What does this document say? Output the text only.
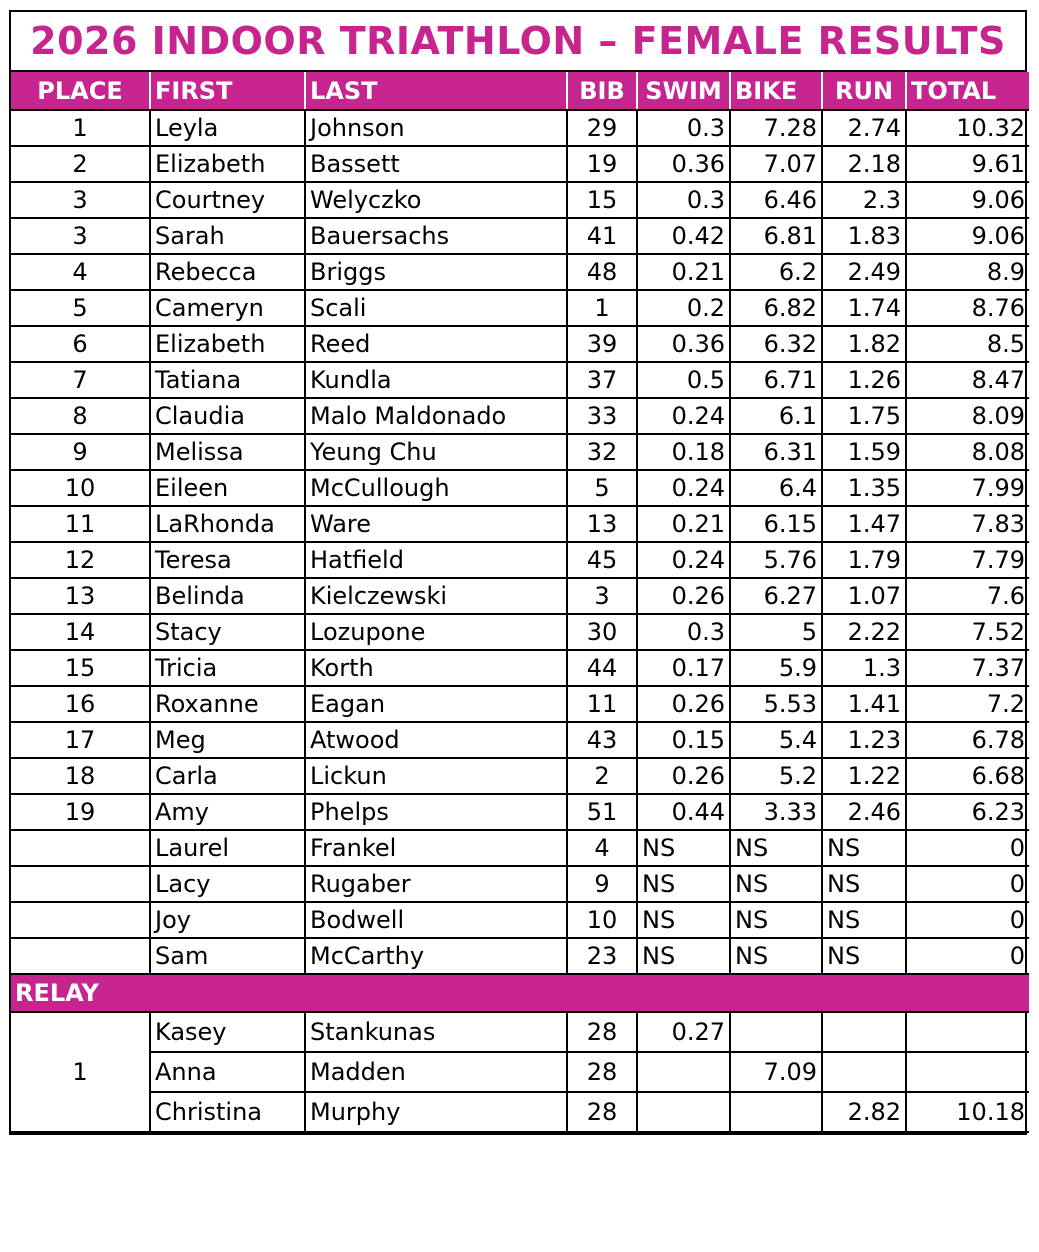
2026 INDOOR TRIATHLON – FEMALE RESULTS
PLACE	FIRST	LAST	BIB	SWIM	BIKE	RUN	TOTAL
1	Leyla	Johnson	29	0.3	7.28	2.74	10.32
2	Elizabeth	Bassett	19	0.36	7.07	2.18	9.61
3	Courtney	Welyczko	15	0.3	6.46	2.3	9.06
3	Sarah	Bauersachs	41	0.42	6.81	1.83	9.06
4	Rebecca	Briggs	48	0.21	6.2	2.49	8.9
5	Cameryn	Scali	1	0.2	6.82	1.74	8.76
6	Elizabeth	Reed	39	0.36	6.32	1.82	8.5
7	Tatiana	Kundla	37	0.5	6.71	1.26	8.47
8	Claudia	Malo Maldonado	33	0.24	6.1	1.75	8.09
9	Melissa	Yeung Chu	32	0.18	6.31	1.59	8.08
10	Eileen	McCullough	5	0.24	6.4	1.35	7.99
11	LaRhonda	Ware	13	0.21	6.15	1.47	7.83
12	Teresa	Hatfield	45	0.24	5.76	1.79	7.79
13	Belinda	Kielczewski	3	0.26	6.27	1.07	7.6
14	Stacy	Lozupone	30	0.3	5	2.22	7.52
15	Tricia	Korth	44	0.17	5.9	1.3	7.37
16	Roxanne	Eagan	11	0.26	5.53	1.41	7.2
17	Meg	Atwood	43	0.15	5.4	1.23	6.78
18	Carla	Lickun	2	0.26	5.2	1.22	6.68
19	Amy	Phelps	51	0.44	3.33	2.46	6.23
	Laurel	Frankel	4	NS	NS	NS	0
	Lacy	Rugaber	9	NS	NS	NS	0
	Joy	Bodwell	10	NS	NS	NS	0
	Sam	McCarthy	23	NS	NS	NS	0
RELAY							
1	Kasey	Stankunas	28	0.27			
	Anna	Madden	28		7.09		
	Christina	Murphy	28			2.82	10.18
